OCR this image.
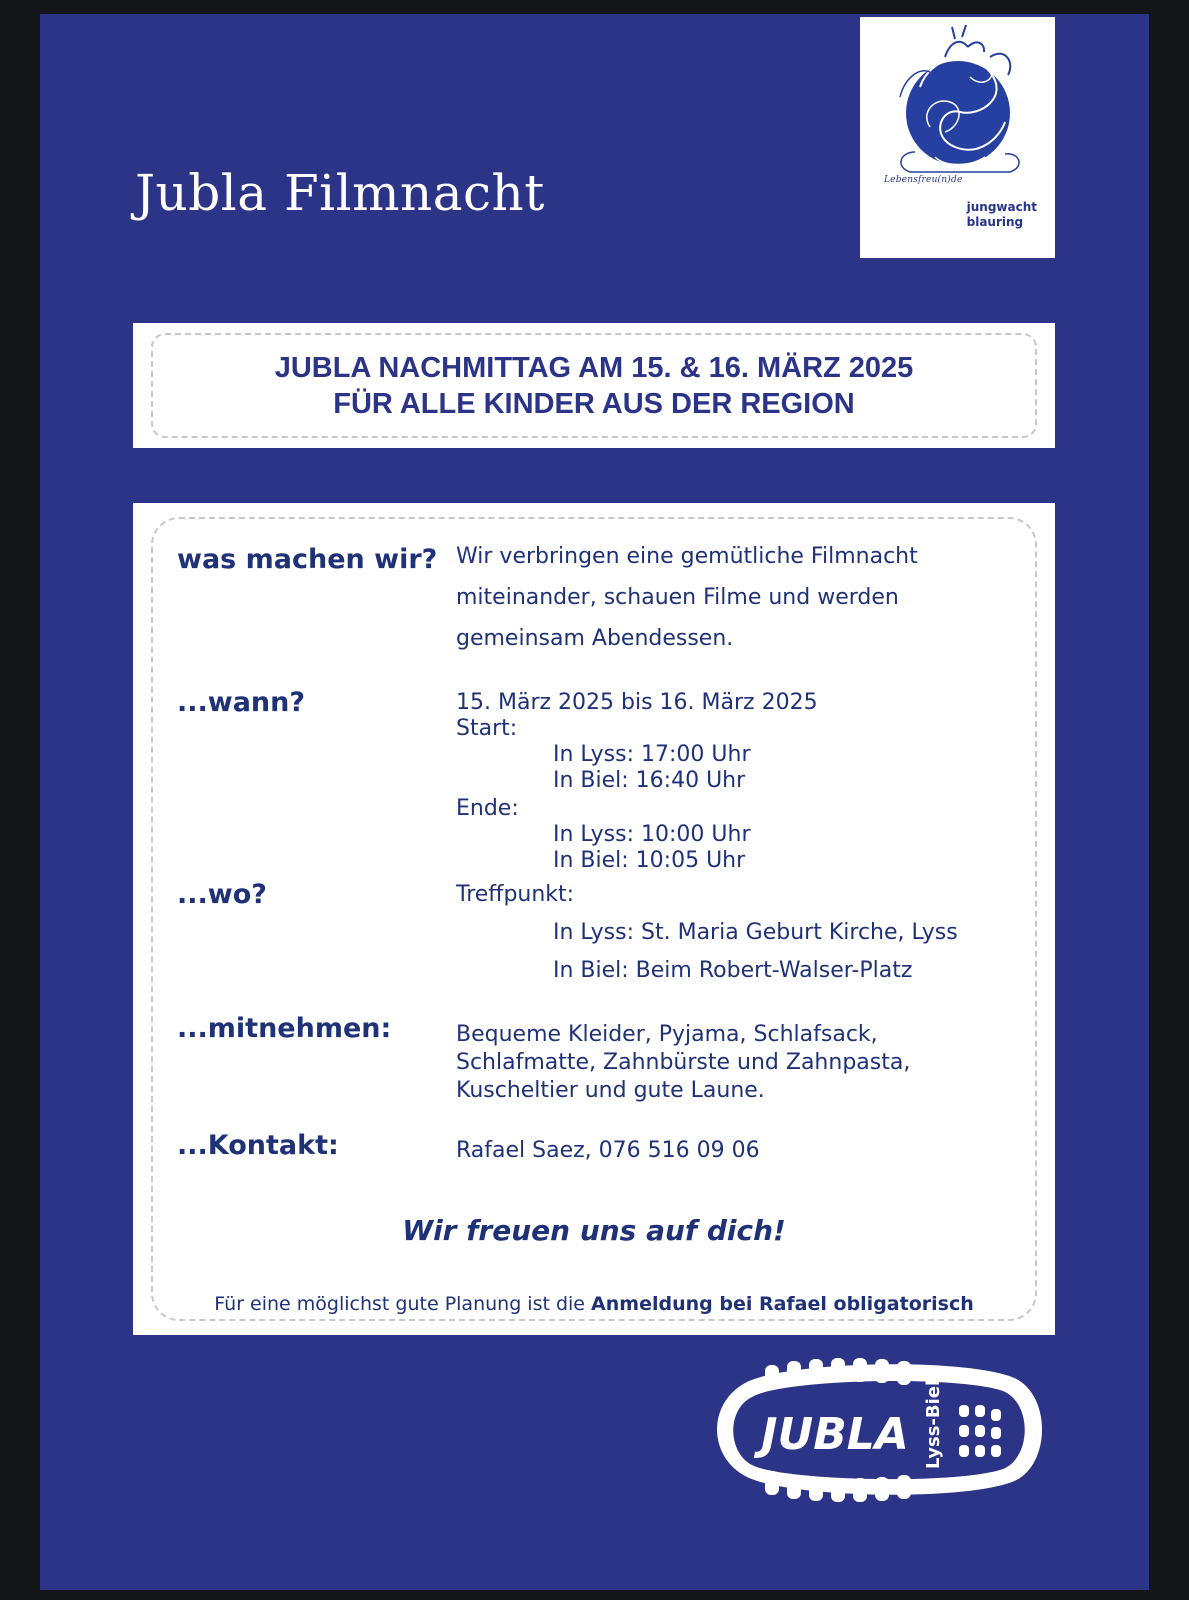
Jubla Filmnacht	Lebensfreu(n)de
jungwacht
blauring
JUBLA NACHMITTAG AM 15. & 16. MÄRZ 2025
FÜR ALLE KINDER AUS DER REGION
was machen wir? Wir verbringen eine gemütliche Filmnacht
miteinander, schauen Filme und werden
gemeinsam Abendessen.
...wann?	15. März 2025 bis 16. März 2025
Start:
In Lyss: 17:00 Uhr
In Biel: 16:40 Uhr
Ende:
In Lyss: 10:00 Uhr
In Biel: 10:05 Uhr
...wo?	Treffpunkt:
In Lyss: St. Maria Geburt Kirche, Lyss
In Biel: Beim Robert-Walser-Platz
...mitnehmen:	Bequeme Kleider, Pyjama, Schlafsack,
Schlafmatte, Zahnbürste und Zahnpasta,
Kuscheltier und gute Laune.
...Kontakt:	Rafael Saez, 076 516 09 06
Wir freuen uns auf dich!
Für eine möglichst gute Planung ist die Anmeldung bei Rafael obligatorisch
JUBLA Lyss-Biel
